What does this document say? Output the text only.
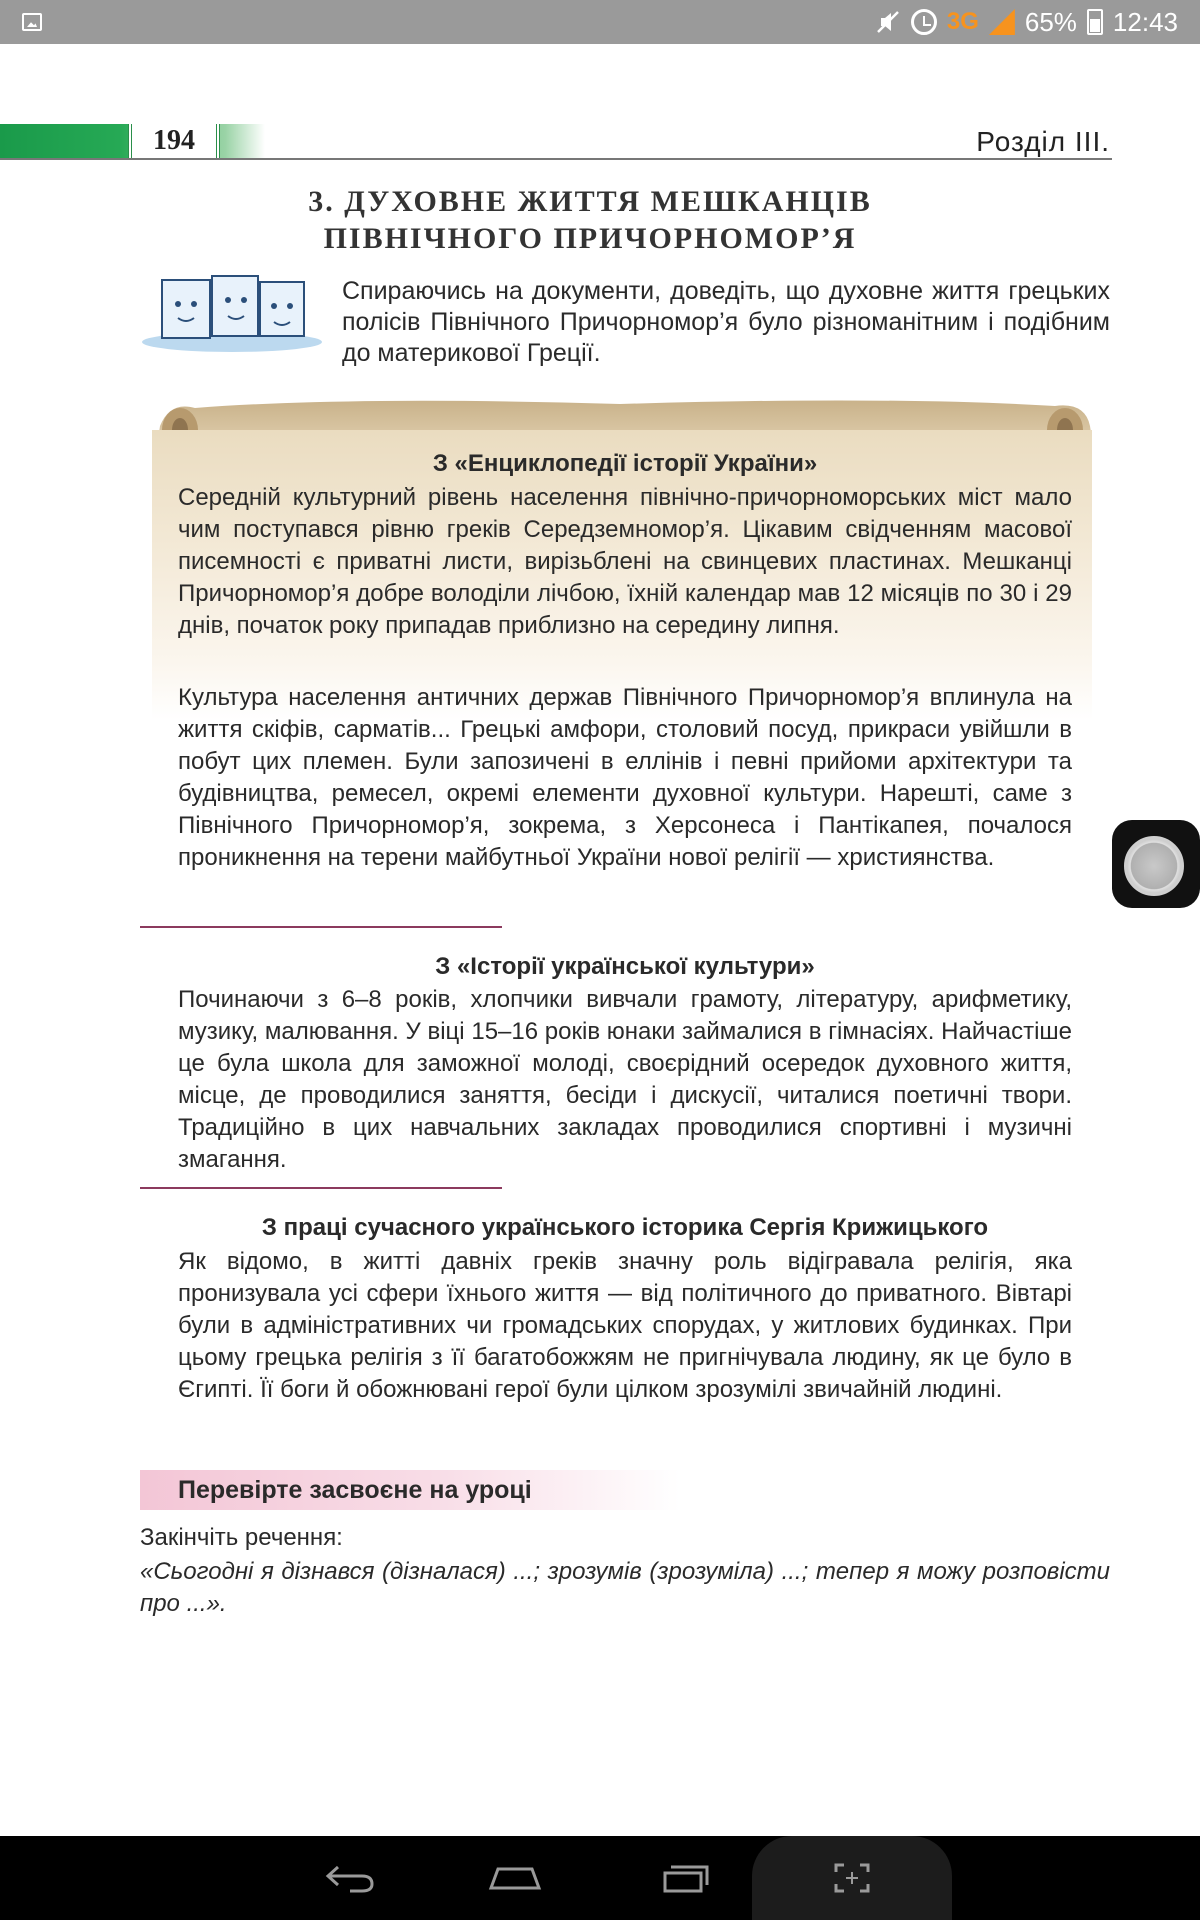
3G 65% 12:43
194	Розділ III.
3. ДУХОВНЕ ЖИТТЯ МЕШКАНЦІВ
ПІВНІЧНОГО ПРИЧОРНОМОР’Я
Спираючись на документи, доведіть, що духовне життя грецьких полісів Північного Причорномор’я було різноманітним і подібним до материкової Греції.
З «Енциклопедії історії України»
Середній культурний рівень населення північно-причорноморських міст мало чим поступався рівню греків Середземномор’я. Цікавим свідченням масової писемності є приватні листи, вирізьблені на свинцевих пластинах. Мешканці Причорномор’я добре володіли лічбою, їхній календар мав 12 місяців по 30 і 29 днів, початок року припадав приблизно на середину липня.
Культура населення античних держав Північного Причорномор’я вплинула на життя скіфів, сарматів... Грецькі амфори, столовий посуд, прикраси увійшли в побут цих племен. Були запозичені в еллінів і певні прийоми архітектури та будівництва, ремесел, окремі елементи духовної культури. Нарешті, саме з Північного Причорномор’я, зокрема, з Херсонеса і Пантікапея, почалося проникнення на терени майбутньої України нової релігії — християнства.
З «Історії української культури»
Починаючи з 6–8 років, хлопчики вивчали грамоту, літературу, арифметику, музику, малювання. У віці 15–16 років юнаки займалися в гімнасіях. Найчастіше це була школа для заможної молоді, своєрідний осередок духовного життя, місце, де проводилися заняття, бесіди і дискусії, читалися поетичні твори. Традиційно в цих навчальних закладах проводилися спортивні і музичні змагання.
З праці сучасного українського історика Сергія Крижицького
Як відомо, в житті давніх греків значну роль відігравала релігія, яка пронизувала усі сфери їхнього життя — від політичного до приватного. Вівтарі були в адміністративних чи громадських спорудах, у житлових будинках. При цьому грецька релігія з її багатобожжям не пригнічувала людину, як це було в Єгипті. Її боги й обожнювані герої були цілком зрозумілі звичайній людині.
Перевірте засвоєне на уроці
Закінчіть речення:
«Сьогодні я дізнався (дізналася) ...; зрозумів (зрозуміла) ...; тепер я можу розповісти про ...».
